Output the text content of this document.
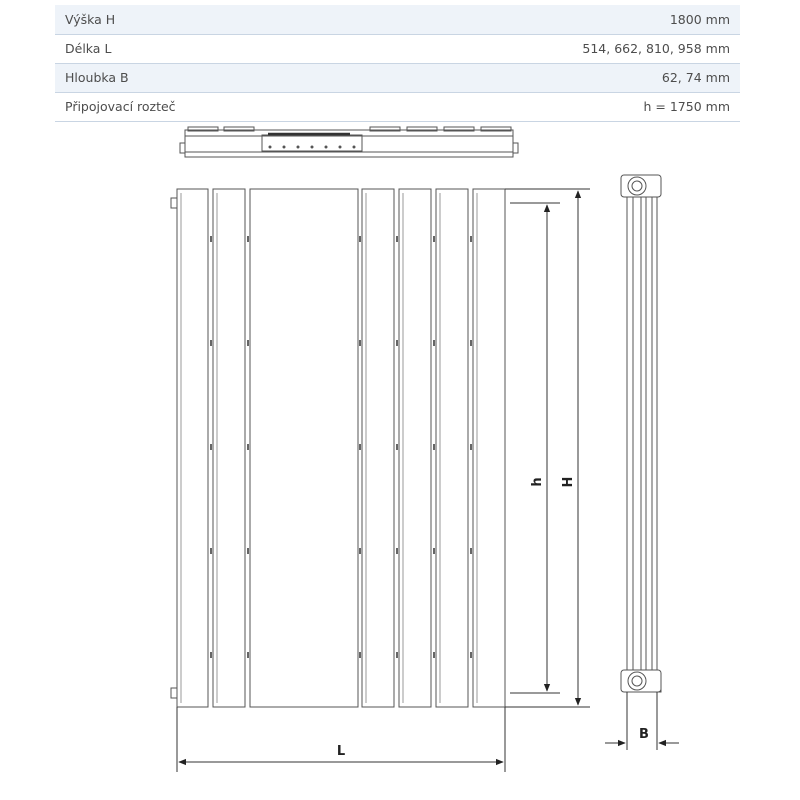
Výška H	1800 mm
Délka L	514, 662, 810, 958 mm
Hloubka B	62, 74 mm
Připojovací rozteč	h = 1750 mm
h H
L
B
